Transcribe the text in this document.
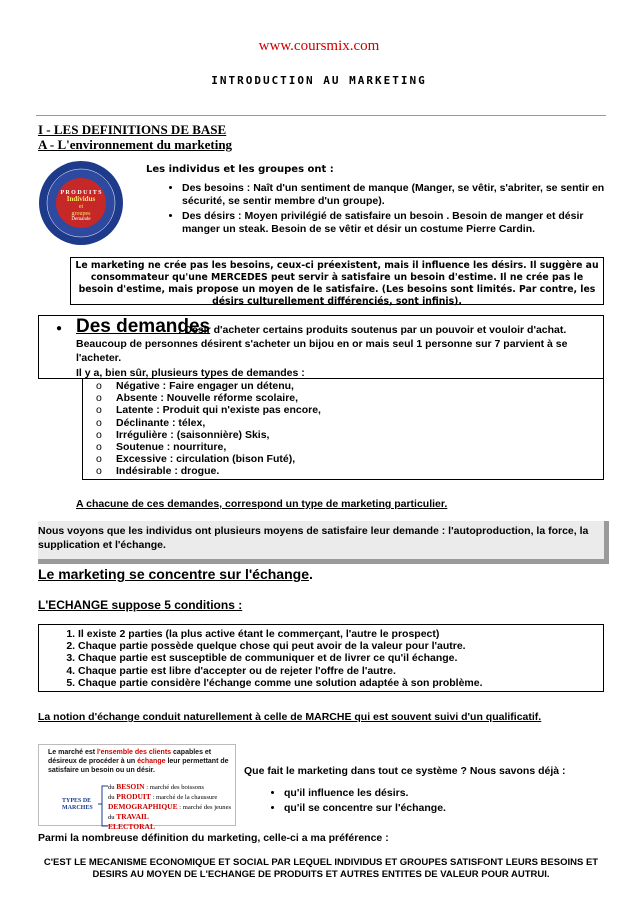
www.coursmix.com
INTRODUCTION AU MARKETING
I - LES DEFINITIONS DE BASE
A - L'environnement du marketing
P R O D U I T S
Demande
Individus
et
groupes
Les individus et les groupes ont :
• Des besoins : Naît d'un sentiment de manque (Manger, se vêtir, s'abriter, se sentir en sécurité, se sentir membre d'un groupe).
• Des désirs : Moyen privilégié de satisfaire un besoin . Besoin de manger et désir manger un steak. Besoin de se vêtir et désir un costume Pierre Cardin.
Le marketing ne crée pas les besoins, ceux-ci préexistent, mais il influence les désirs. Il suggère au consommateur qu'une MERCEDES peut servir à satisfaire un besoin d'estime. Il ne crée pas le besoin d'estime, mais propose un moyen de le satisfaire. (Les besoins sont limités. Par contre, les désirs culturellement différenciés, sont infinis).
● Des demandes
: Désir d'acheter certains produits soutenus par un pouvoir et vouloir d'achat. Beaucoup de personnes désirent s'acheter un bijou en or mais seul 1 personne sur 7 parvient à se l'acheter.
Il y a, bien sûr, plusieurs types de demandes :
o Négative : Faire engager un détenu,
o Absente : Nouvelle réforme scolaire,
o Latente : Produit qui n'existe pas encore,
o Déclinante : télex,
o Irrégulière : (saisonnière) Skis,
o Soutenue : nourriture,
o Excessive : circulation (bison Futé),
o Indésirable : drogue.
A chacune de ces demandes, correspond un type de marketing particulier.
Nous voyons que les individus ont plusieurs moyens de satisfaire leur demande : l'autoproduction, la force, la supplication et l'échange.
Le marketing se concentre sur l'échange.
L'ECHANGE suppose 5 conditions :
1. Il existe 2 parties (la plus active étant le commerçant, l'autre le prospect)
2. Chaque partie possède quelque chose qui peut avoir de la valeur pour l'autre.
3. Chaque partie est susceptible de communiquer et de livrer ce qu'il échange.
4. Chaque partie est libre d'accepter ou de rejeter l'offre de l'autre.
5. Chaque partie considère l'échange comme une solution adaptée à son problème.
La notion d'échange conduit naturellement à celle de MARCHE qui est souvent suivi d'un qualificatif.
Le marché est l'ensemble des clients capables et désireux de procéder à un échange leur permettant de satisfaire un besoin ou un désir.
TYPES DE MARCHES
du BESOIN : marché des boissons
du PRODUIT : marché de la chaussure
DEMOGRAPHIQUE : marché des jeunes
du TRAVAIL
ELECTORAL
Que fait le marketing dans tout ce système ? Nous savons déjà :
• qu'il influence les désirs.
• qu'il se concentre sur l'échange.
Parmi la nombreuse définition du marketing, celle-ci a ma préférence :
C'EST LE MECANISME ECONOMIQUE ET SOCIAL PAR LEQUEL INDIVIDUS ET GROUPES SATISFONT LEURS BESOINS ET DESIRS AU MOYEN DE L'ECHANGE DE PRODUITS ET AUTRES ENTITES DE VALEUR POUR AUTRUI.
